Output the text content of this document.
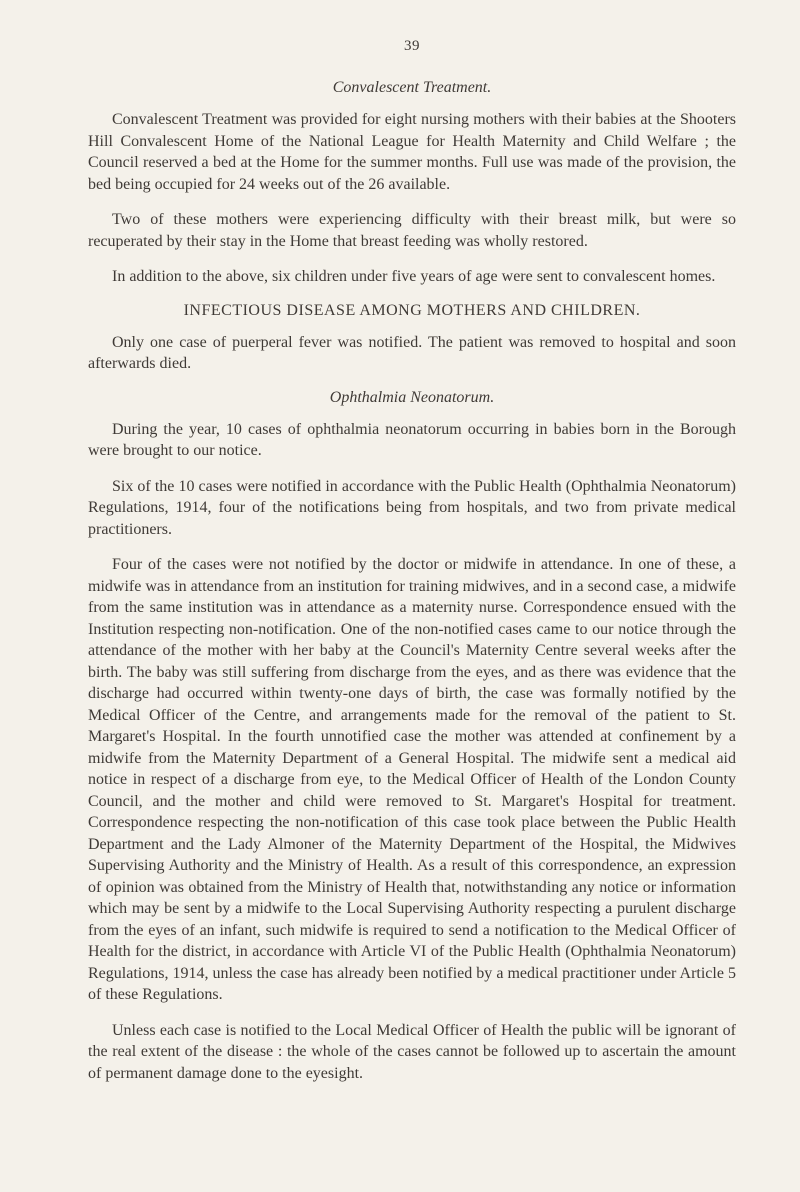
39
Convalescent Treatment.

Convalescent Treatment was provided for eight nursing mothers with their babies at the Shooters Hill Convalescent Home of the National League for Health Maternity and Child Welfare ; the Council reserved a bed at the Home for the summer months. Full use was made of the provision, the bed being occupied for 24 weeks out of the 26 available.

Two of these mothers were experiencing difficulty with their breast milk, but were so recuperated by their stay in the Home that breast feeding was wholly restored.

In addition to the above, six children under five years of age were sent to convalescent homes.

INFECTIOUS DISEASE AMONG MOTHERS AND CHILDREN.

Only one case of puerperal fever was notified. The patient was removed to hospital and soon afterwards died.

Ophthalmia Neonatorum.

During the year, 10 cases of ophthalmia neonatorum occurring in babies born in the Borough were brought to our notice.

Six of the 10 cases were notified in accordance with the Public Health (Ophthalmia Neonatorum) Regulations, 1914, four of the notifications being from hospitals, and two from private medical practitioners.

Four of the cases were not notified by the doctor or midwife in attendance. In one of these, a midwife was in attendance from an institution for training midwives, and in a second case, a midwife from the same institution was in attendance as a maternity nurse. Correspondence ensued with the Institution respecting non-notification. One of the non-notified cases came to our notice through the attendance of the mother with her baby at the Council's Maternity Centre several weeks after the birth. The baby was still suffering from discharge from the eyes, and as there was evidence that the discharge had occurred within twenty-one days of birth, the case was formally notified by the Medical Officer of the Centre, and arrangements made for the removal of the patient to St. Margaret's Hospital. In the fourth unnotified case the mother was attended at confinement by a midwife from the Maternity Department of a General Hospital. The midwife sent a medical aid notice in respect of a discharge from eye, to the Medical Officer of Health of the London County Council, and the mother and child were removed to St. Margaret's Hospital for treatment. Correspondence respecting the non-notification of this case took place between the Public Health Department and the Lady Almoner of the Maternity Department of the Hospital, the Midwives Supervising Authority and the Ministry of Health. As a result of this correspondence, an expression of opinion was obtained from the Ministry of Health that, notwithstanding any notice or information which may be sent by a midwife to the Local Supervising Authority respecting a purulent discharge from the eyes of an infant, such midwife is required to send a notification to the Medical Officer of Health for the district, in accordance with Article VI of the Public Health (Ophthalmia Neonatorum) Regulations, 1914, unless the case has already been notified by a medical practitioner under Article 5 of these Regulations.

Unless each case is notified to the Local Medical Officer of Health the public will be ignorant of the real extent of the disease : the whole of the cases cannot be followed up to ascertain the amount of permanent damage done to the eyesight.
